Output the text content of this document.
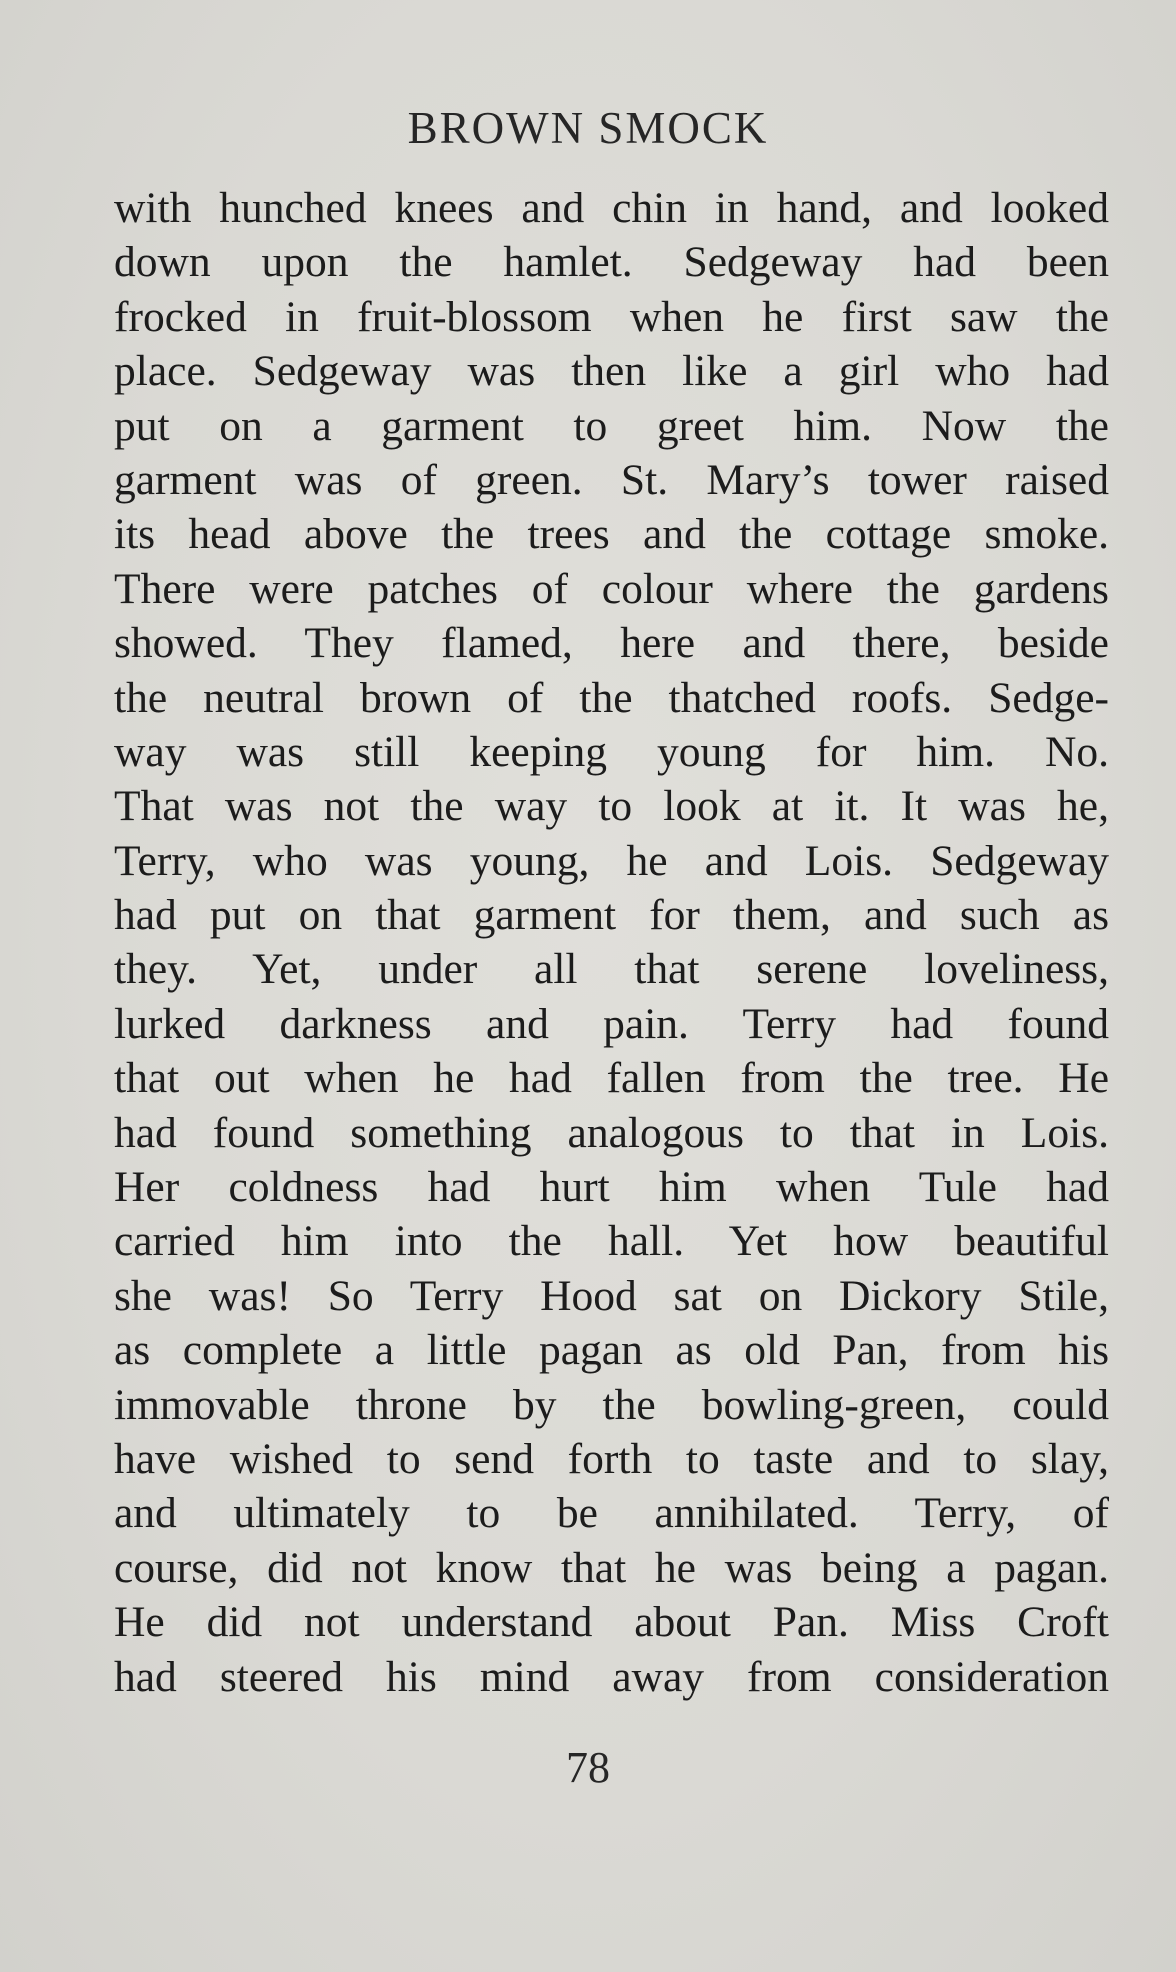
BROWN SMOCK
with hunched knees and chin in hand, and looked
down upon the hamlet. Sedgeway had been
frocked in fruit-blossom when he first saw the
place. Sedgeway was then like a girl who had
put on a garment to greet him. Now the
garment was of green. St. Mary’s tower raised
its head above the trees and the cottage smoke.
There were patches of colour where the gardens
showed. They flamed, here and there, beside
the neutral brown of the thatched roofs. Sedge-
way was still keeping young for him. No.
That was not the way to look at it. It was he,
Terry, who was young, he and Lois. Sedgeway
had put on that garment for them, and such as
they. Yet, under all that serene loveliness,
lurked darkness and pain. Terry had found
that out when he had fallen from the tree. He
had found something analogous to that in Lois.
Her coldness had hurt him when Tule had
carried him into the hall. Yet how beautiful
she was! So Terry Hood sat on Dickory Stile,
as complete a little pagan as old Pan, from his
immovable throne by the bowling-green, could
have wished to send forth to taste and to slay,
and ultimately to be annihilated. Terry, of
course, did not know that he was being a pagan.
He did not understand about Pan. Miss Croft
had steered his mind away from consideration
78
